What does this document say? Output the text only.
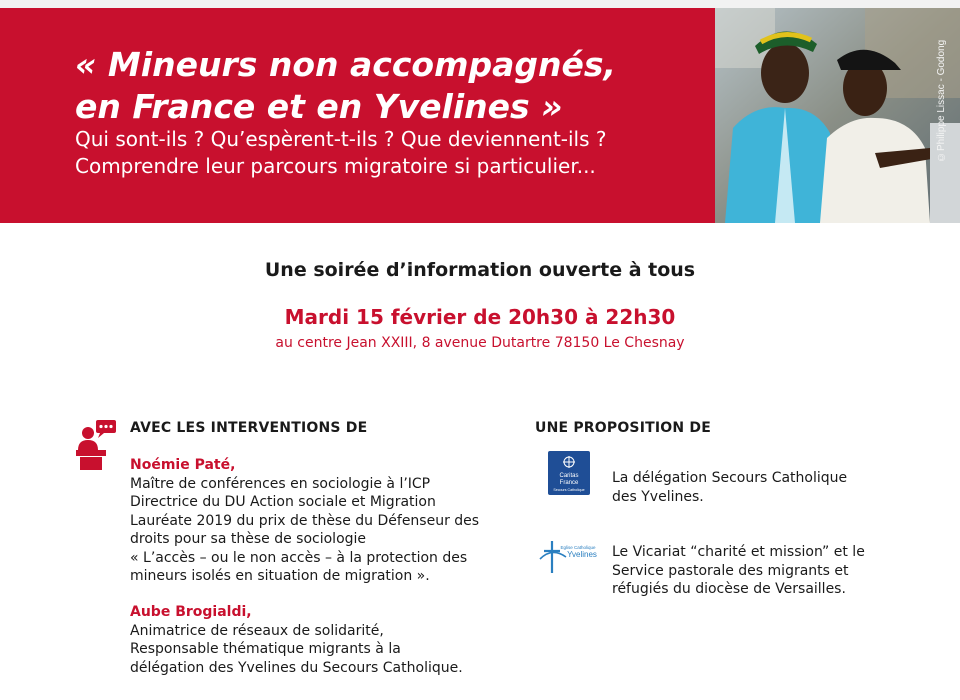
« Mineurs non accompagnés,
en France et en Yvelines »

Qui sont-ils ? Qu’espèrent-t-ils ? Que deviennent-ils ?
Comprendre leur parcours migratoire si particulier...

©Philippe Lissac - Godong

Une soirée d’information ouverte à tous

Mardi 15 février de 20h30 à 22h30

au centre Jean XXIII, 8 avenue Dutartre 78150 Le Chesnay

AVEC LES INTERVENTIONS DE	UNE PROPOSITION DE
Noémie Paté,
Maître de conférences en sociologie à l’ICP
Directrice du DU Action sociale et Migration
Lauréate 2019 du prix de thèse du Défenseur des droits pour sa thèse de sociologie
« L’accès – ou le non accès – à la protection des mineurs isolés en situation de migration ».
Aube Brogialdi,
Animatrice de réseaux de solidarité,
Responsable thématique migrants à la
délégation des Yvelines du Secours Catholique.
Caritas
France
Secours Catholique

La délégation Secours Catholique
des Yvelines.

Eglise Catholique
Yvelines Le Vicariat “charité et mission” et le
Service pastorale des migrants et
réfugiés du diocèse de Versailles.
